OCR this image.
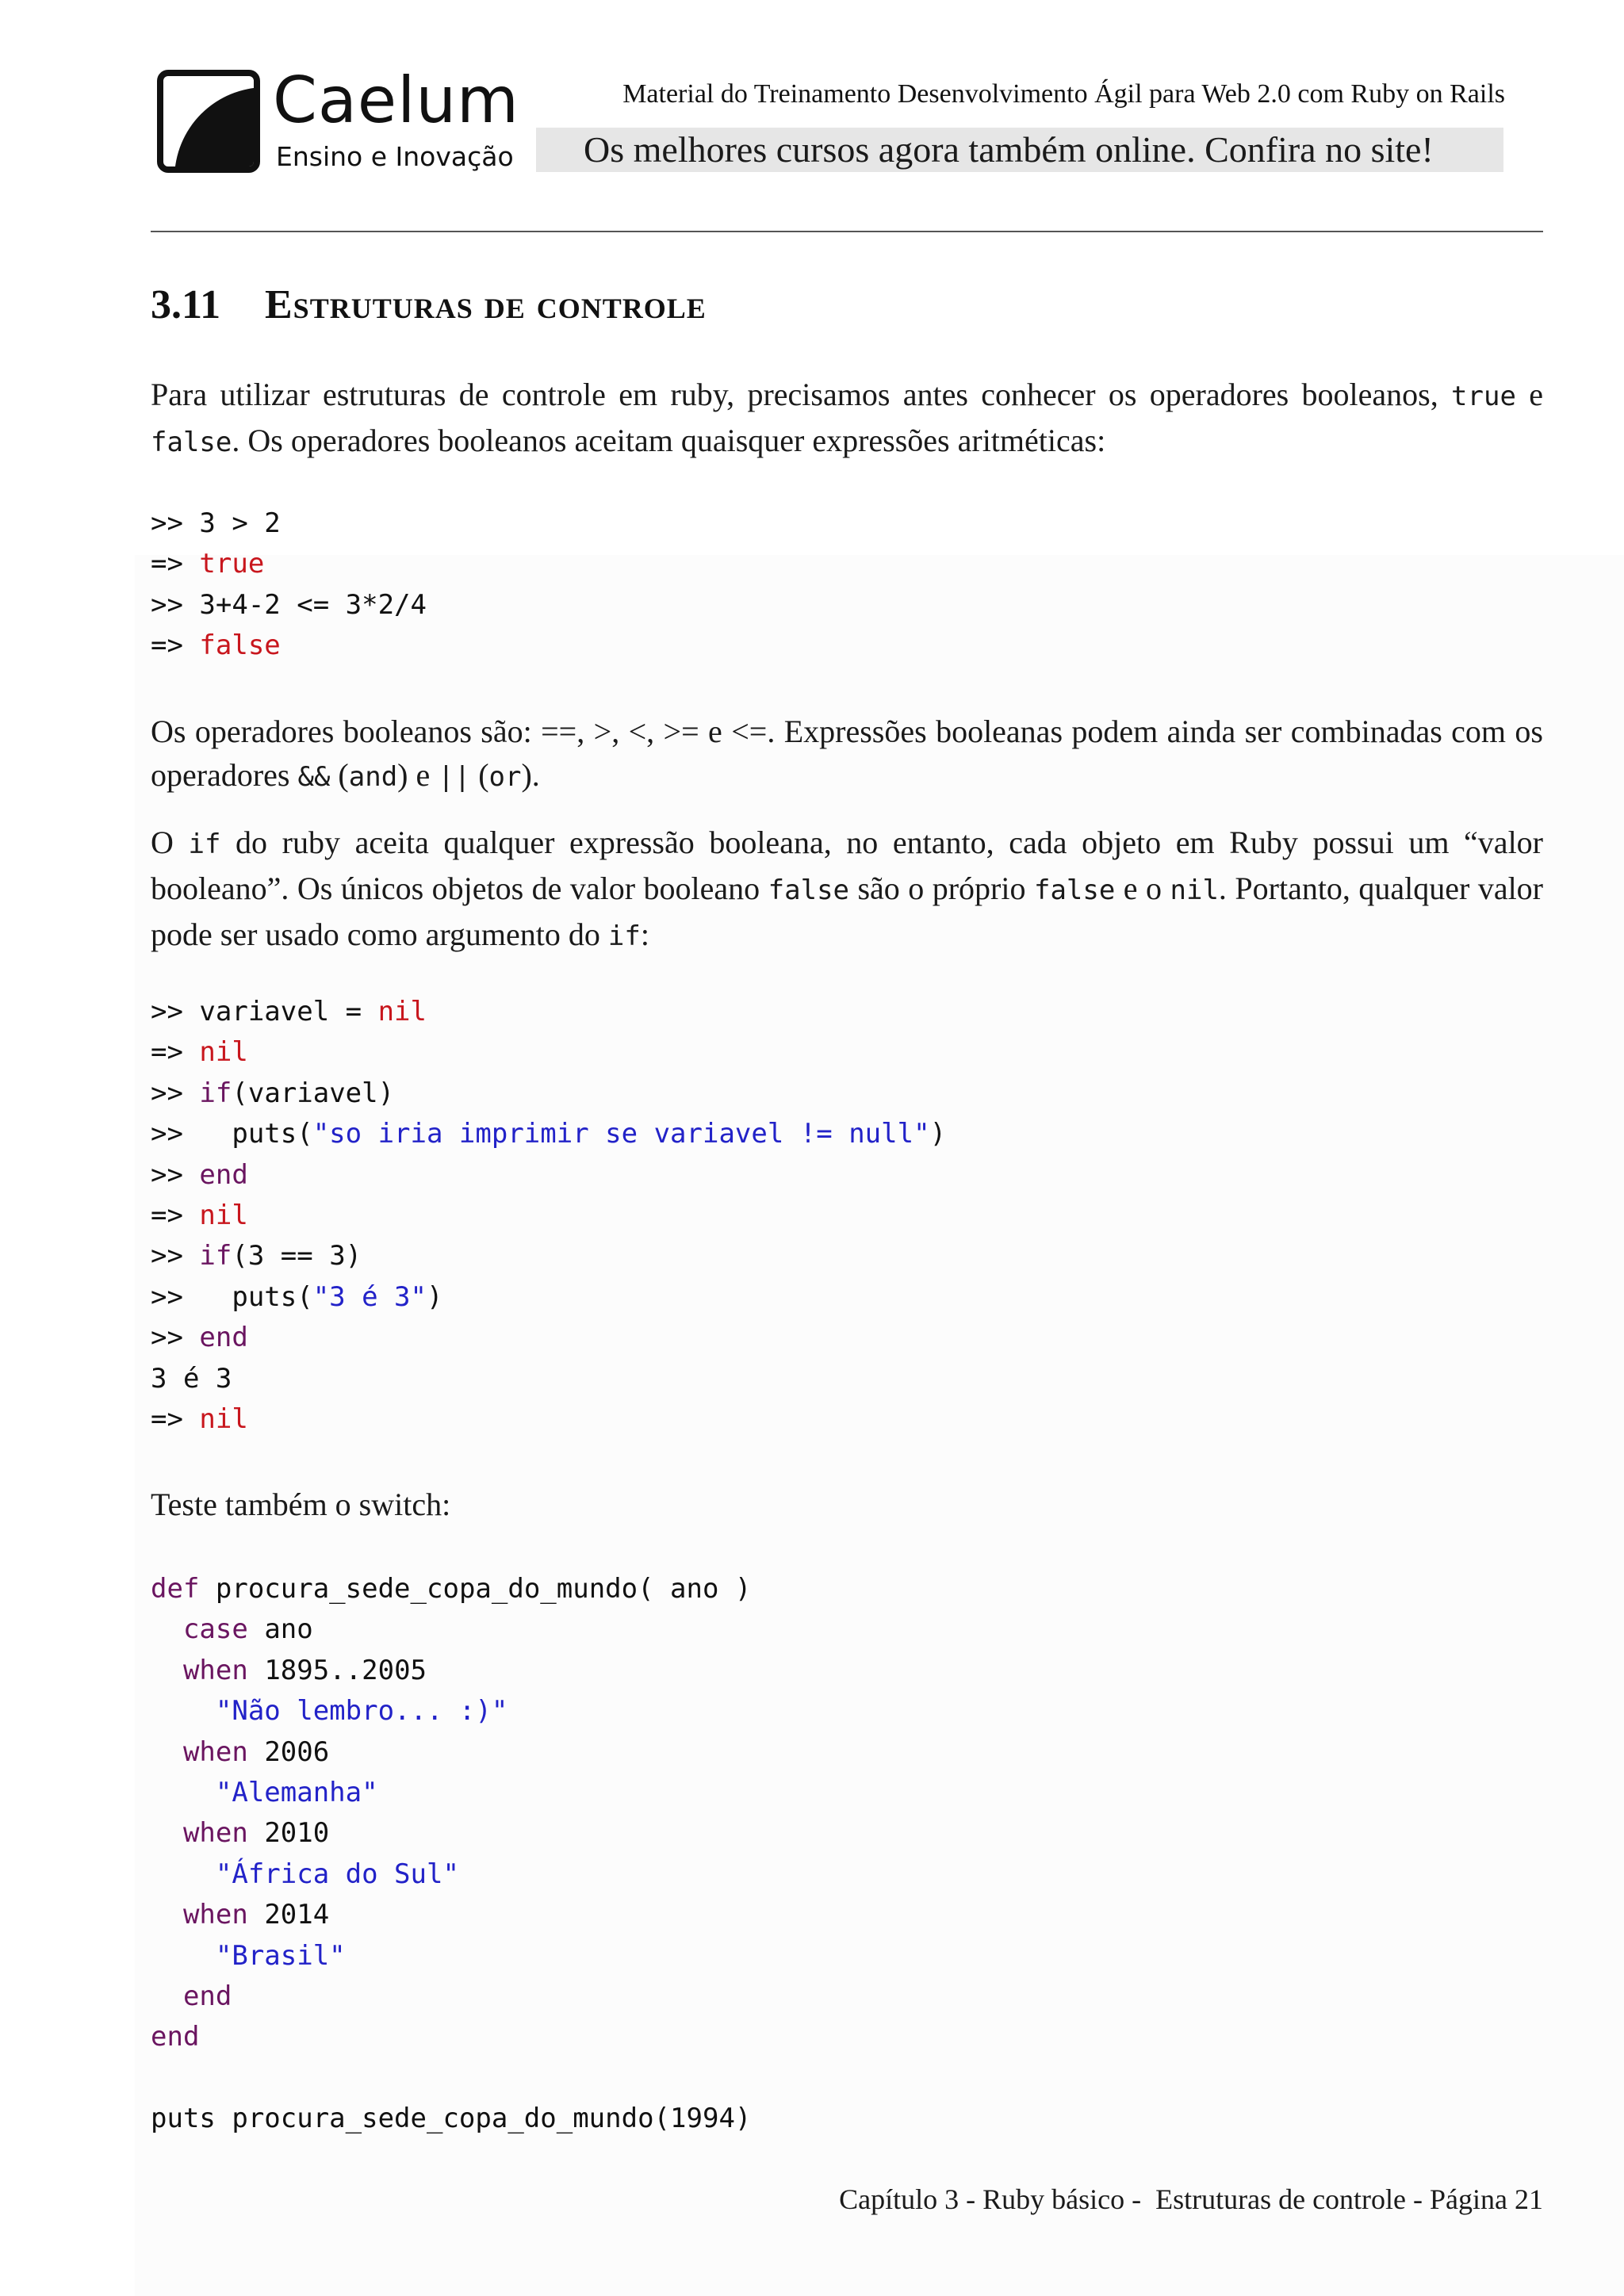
✱ Caelum
Ensino e Inovação
Material do Treinamento Desenvolvimento Ágil para Web 2.0 com Ruby on Rails
Os melhores cursos agora também online. Confira no site!
3.11 Estruturas de controle

Para utilizar estruturas de controle em ruby, precisamos antes conhecer os operadores booleanos, true e false. Os operadores booleanos aceitam quaisquer expressões aritméticas:

>> 3 > 2
=> true
>> 3+4-2 <= 3*2/4
=> false

Os operadores booleanos são: ==, >, <, >= e <=. Expressões booleanas podem ainda ser combinadas com os operadores && (and) e || (or).

O if do ruby aceita qualquer expressão booleana, no entanto, cada objeto em Ruby possui um “valor booleano”. Os únicos objetos de valor booleano false são o próprio false e o nil. Portanto, qualquer valor pode ser usado como argumento do if:

>> variavel = nil
=> nil
>> if(variavel)
>>   puts("so iria imprimir se variavel != null")
>> end
=> nil
>> if(3 == 3)
>>   puts("3 é 3")
>> end
3 é 3
=> nil

Teste também o switch:

def procura_sede_copa_do_mundo( ano )
case ano
when 1895..2005
"Não lembro... :)"
when 2006
"Alemanha"
when 2010
"África do Sul"
when 2014
"Brasil"
end
end

puts procura_sede_copa_do_mundo(1994)
Capítulo 3 - Ruby básico -  Estruturas de controle - Página 21
